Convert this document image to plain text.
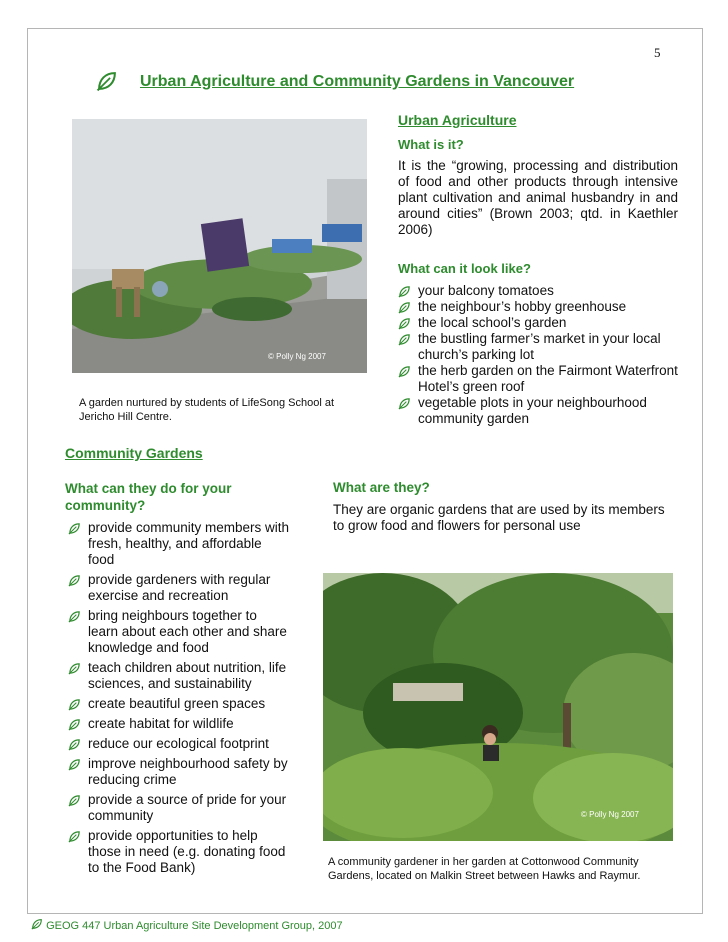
5
Urban Agriculture and Community Gardens in Vancouver
Urban Agriculture
What is it?
It is the “growing, processing and distribution of food and other products through intensive plant cultivation and animal husbandry in and around cities” (Brown 2003; qtd. in Kaethler 2006)
What can it look like?
your balcony tomatoes
the neighbour’s hobby greenhouse
the local school’s garden
the bustling farmer’s market in your local church’s parking lot
the herb garden on the Fairmont Waterfront Hotel’s green roof
vegetable plots in your neighbourhood community garden
© Polly Ng 2007
A garden nurtured by students of LifeSong School at Jericho Hill Centre.
Community Gardens
What can they do for your community?
provide community members with fresh, healthy, and affordable food
provide gardeners with regular exercise and recreation
bring neighbours together to learn about each other and share knowledge and food
teach children about nutrition, life sciences, and sustainability
create beautiful green spaces
create habitat for wildlife
reduce our ecological footprint
improve neighbourhood safety by reducing crime
provide a source of pride for your community
provide opportunities to help those in need (e.g. donating food to the Food Bank)
What are they?
They are organic gardens that are used by its members to grow food and flowers for personal use
© Polly Ng 2007
A community gardener in her garden at Cottonwood Community Gardens, located on Malkin Street between Hawks and Raymur.
GEOG 447 Urban Agriculture Site Development Group, 2007
